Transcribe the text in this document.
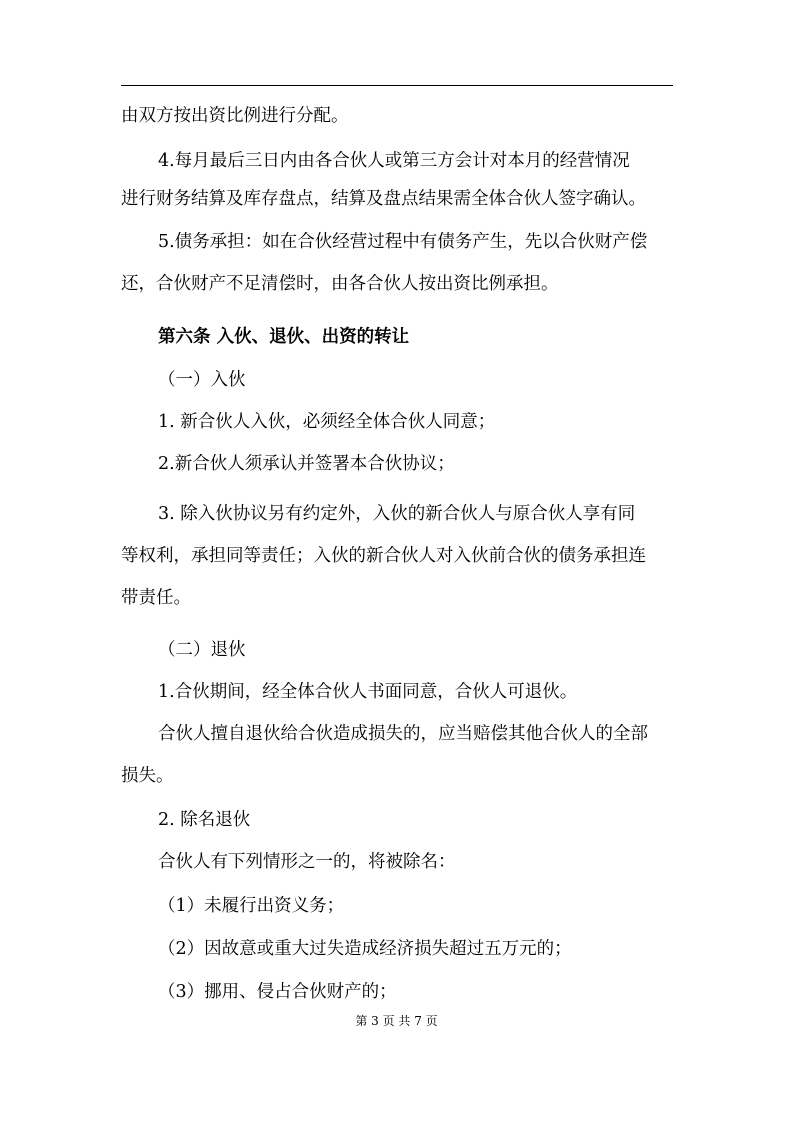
由双方按出资比例进行分配。
4.每月最后三日内由各合伙人或第三方会计对本月的经营情况
进行财务结算及库存盘点，结算及盘点结果需全体合伙人签字确认。
5.债务承担：如在合伙经营过程中有债务产生，先以合伙财产偿
还，合伙财产不足清偿时，由各合伙人按出资比例承担。
第六条 入伙、退伙、出资的转让
（一）入伙
1. 新合伙人入伙，必须经全体合伙人同意；
2.新合伙人须承认并签署本合伙协议；
3. 除入伙协议另有约定外，入伙的新合伙人与原合伙人享有同
等权利，承担同等责任；入伙的新合伙人对入伙前合伙的债务承担连
带责任。
（二）退伙
1.合伙期间，经全体合伙人书面同意，合伙人可退伙。
合伙人擅自退伙给合伙造成损失的，应当赔偿其他合伙人的全部
损失。
2. 除名退伙
合伙人有下列情形之一的，将被除名：
（1）未履行出资义务；
（2）因故意或重大过失造成经济损失超过五万元的；
（3）挪用、侵占合伙财产的；
第 3 页 共 7 页
